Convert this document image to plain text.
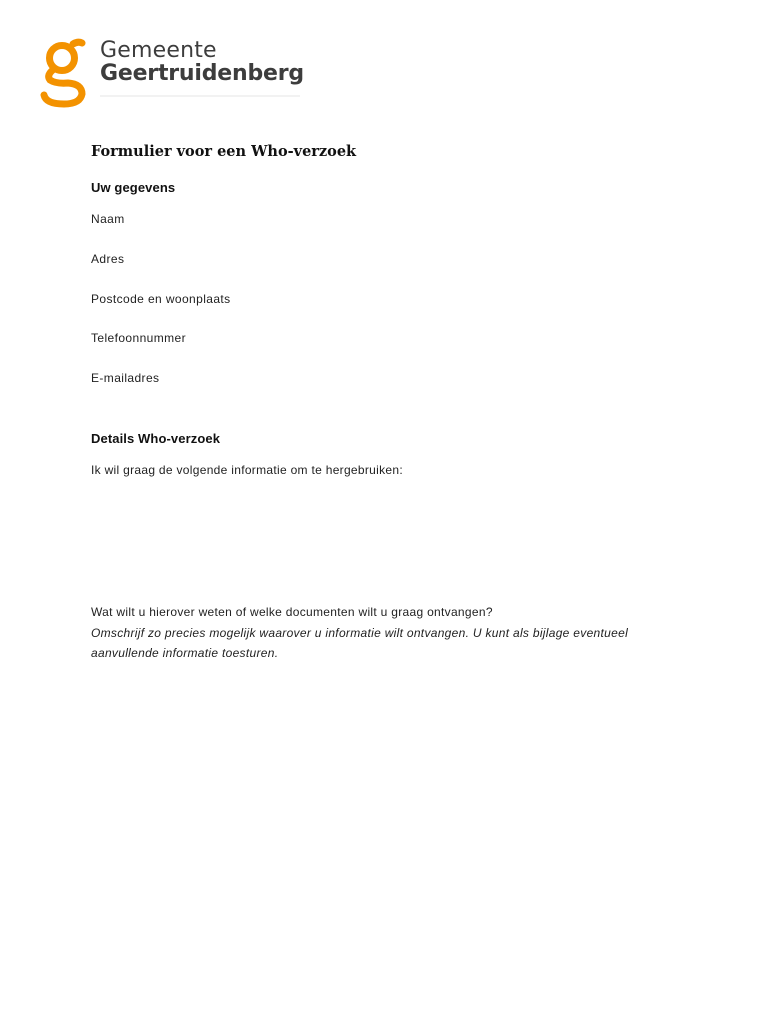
Gemeente
Geertruidenberg
Formulier voor een Who-verzoek
Uw gegevens
Naam
Adres
Postcode en woonplaats
Telefoonnummer
E-mailadres
Details Who-verzoek
Ik wil graag de volgende informatie om te hergebruiken:
Wat wilt u hierover weten of welke documenten wilt u graag ontvangen?
Omschrijf zo precies mogelijk waarover u informatie wilt ontvangen. U kunt als bijlage eventueel aanvullende informatie toesturen.
